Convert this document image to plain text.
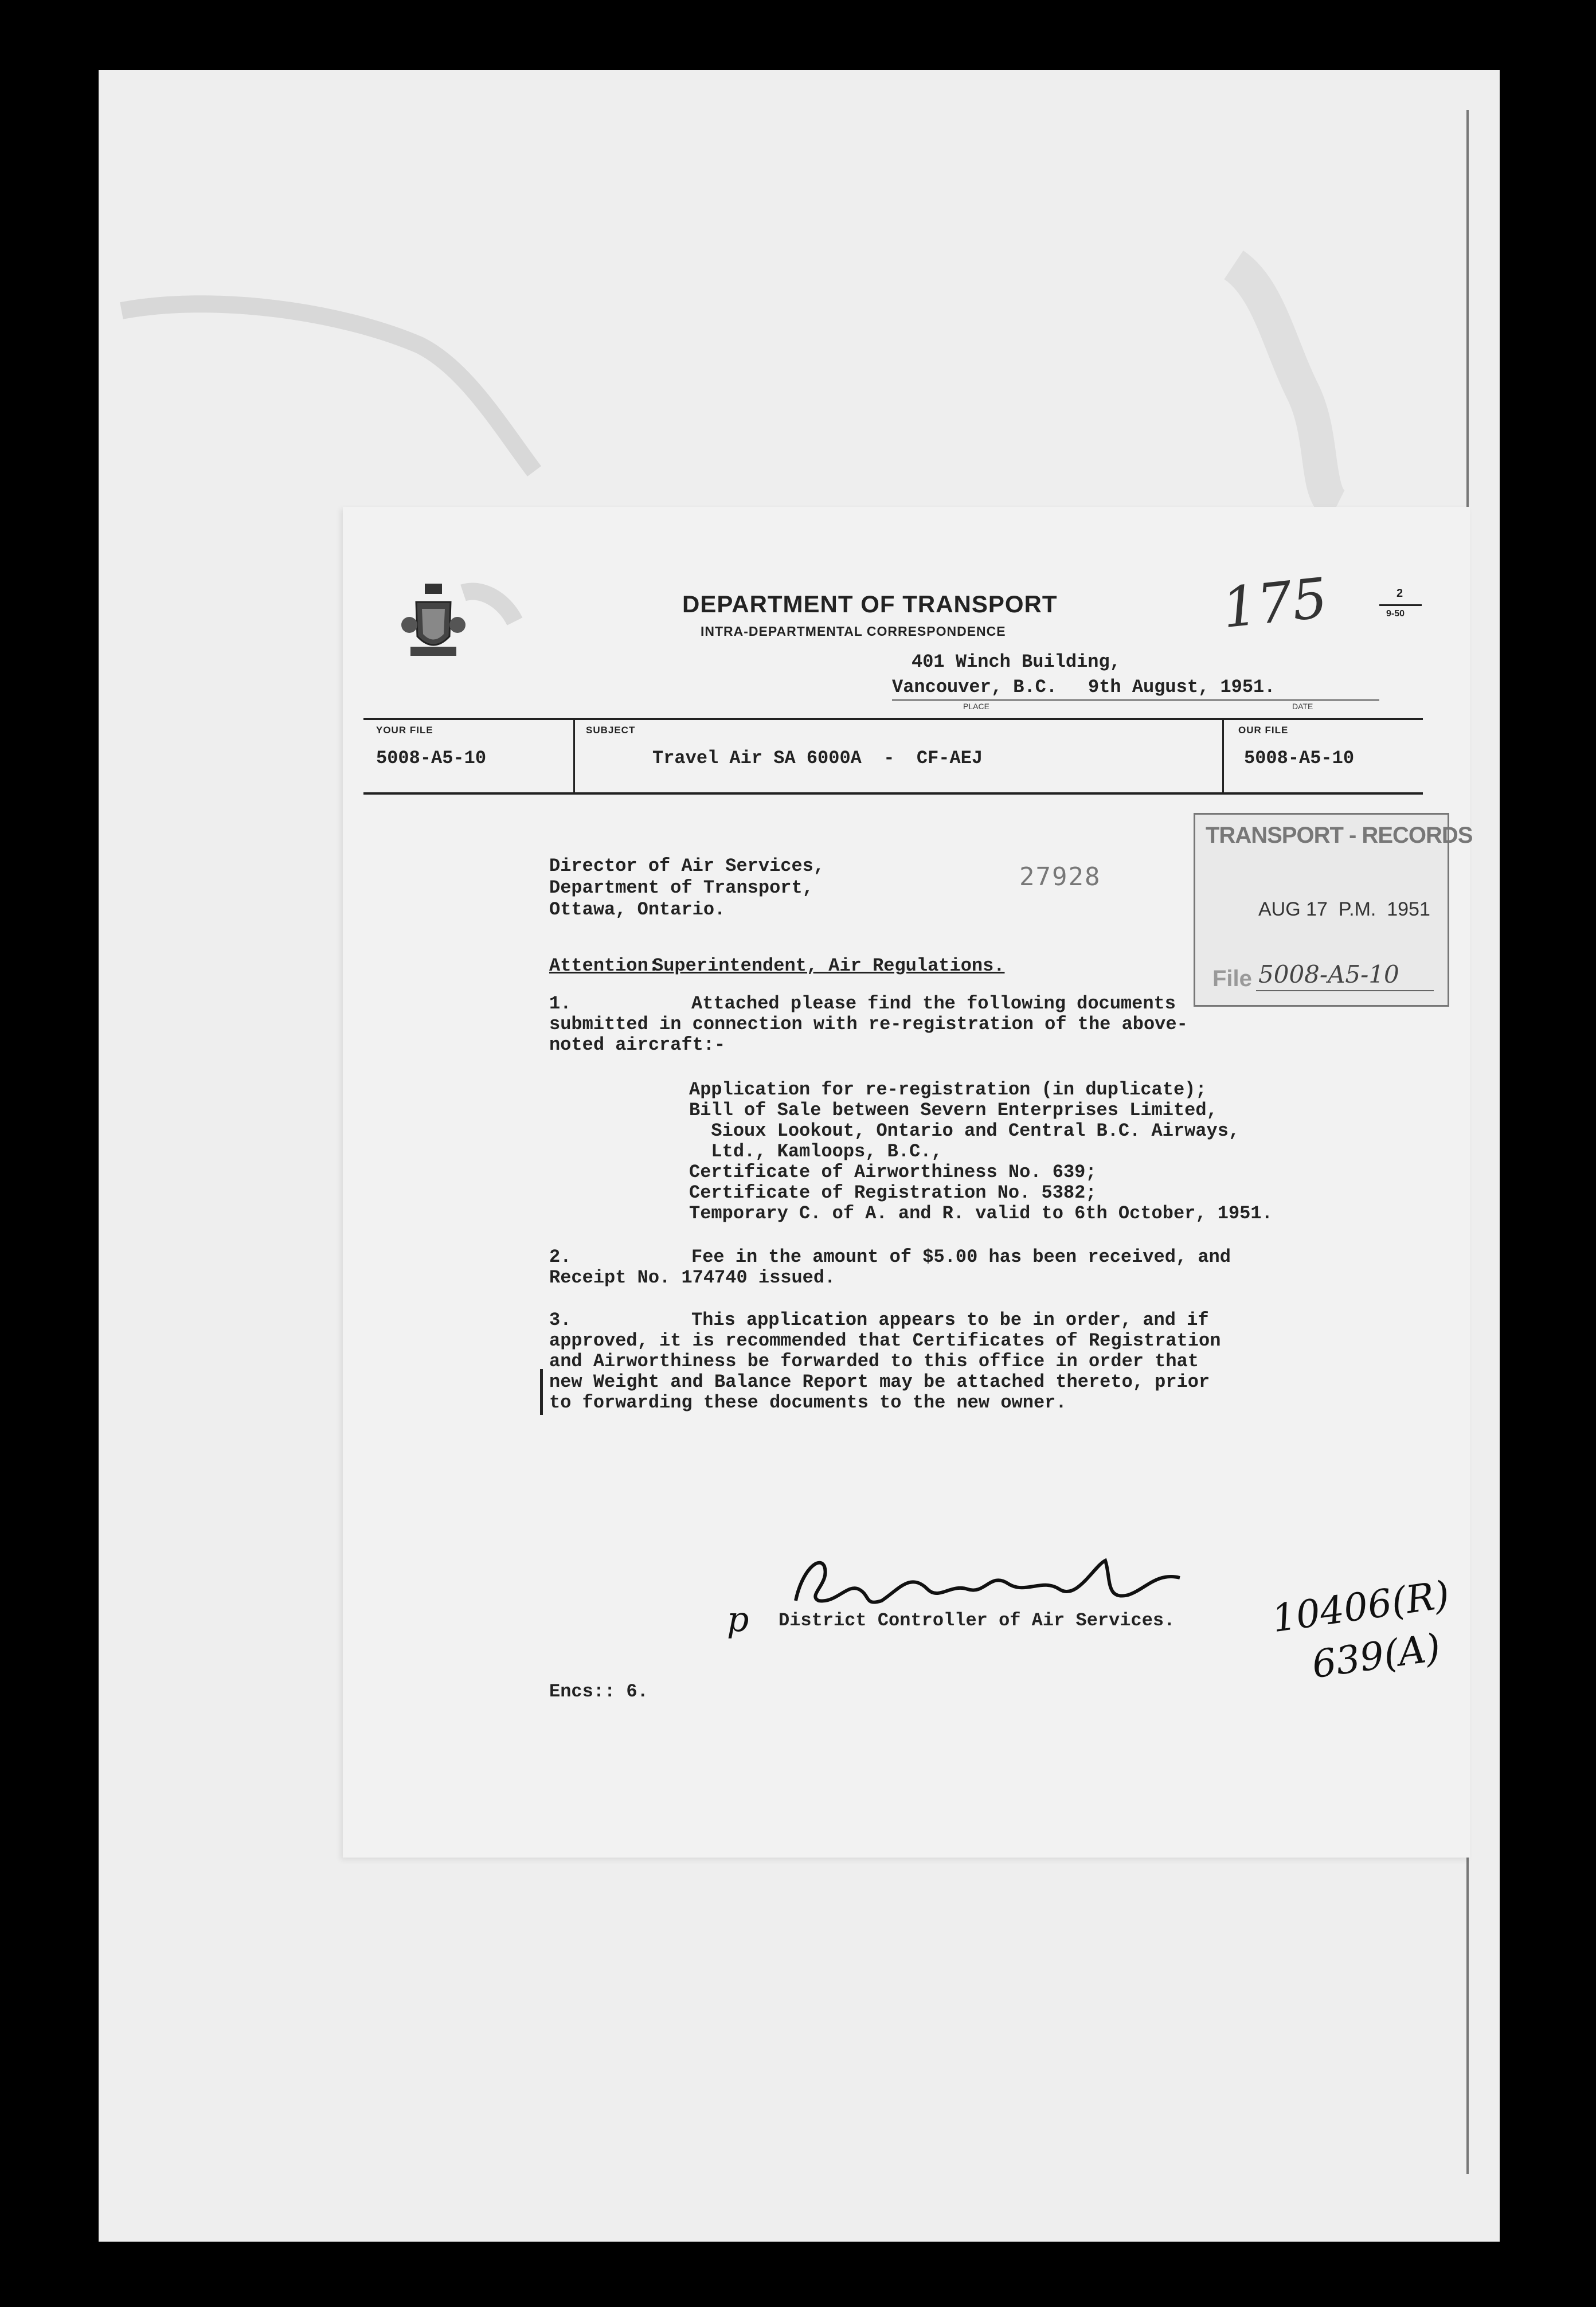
DEPARTMENT OF TRANSPORT
INTRA-DEPARTMENTAL CORRESPONDENCE	175	2
9-50
401 Winch Building,
Vancouver, B.C. 9th August, 1951.
PLACE	DATE
YOUR FILE
5008-A5-10
SUBJECT
Travel Air SA 6000A  -  CF-AEJ
OUR FILE
5008-A5-10
Director of Air Services,
Department of Transport,
Ottawa, Ontario.
27928
Attention:
Superintendent, Air Regulations.
1.	Attached please find the following documents
submitted in connection with re-registration of the above-
noted aircraft:-
Application for re-registration (in duplicate);
Bill of Sale between Severn Enterprises Limited,
Sioux Lookout, Ontario and Central B.C. Airways,
Ltd., Kamloops, B.C.,
Certificate of Airworthiness No. 639;
Certificate of Registration No. 5382;
Temporary C. of A. and R. valid to 6th October, 1951.
2.	Fee in the amount of $5.00 has been received, and
Receipt No. 174740 issued.
3.	This application appears to be in order, and if
approved, it is recommended that Certificates of Registration
and Airworthiness be forwarded to this office in order that
new Weight and Balance Report may be attached thereto, prior
to forwarding these documents to the new owner.
p District Controller of Air Services.
Encs:: 6.
10406(R)
639(A)
TRANSPORT - RECORDS
AUG 17  P.M.  1951
File 5008-A5-10
